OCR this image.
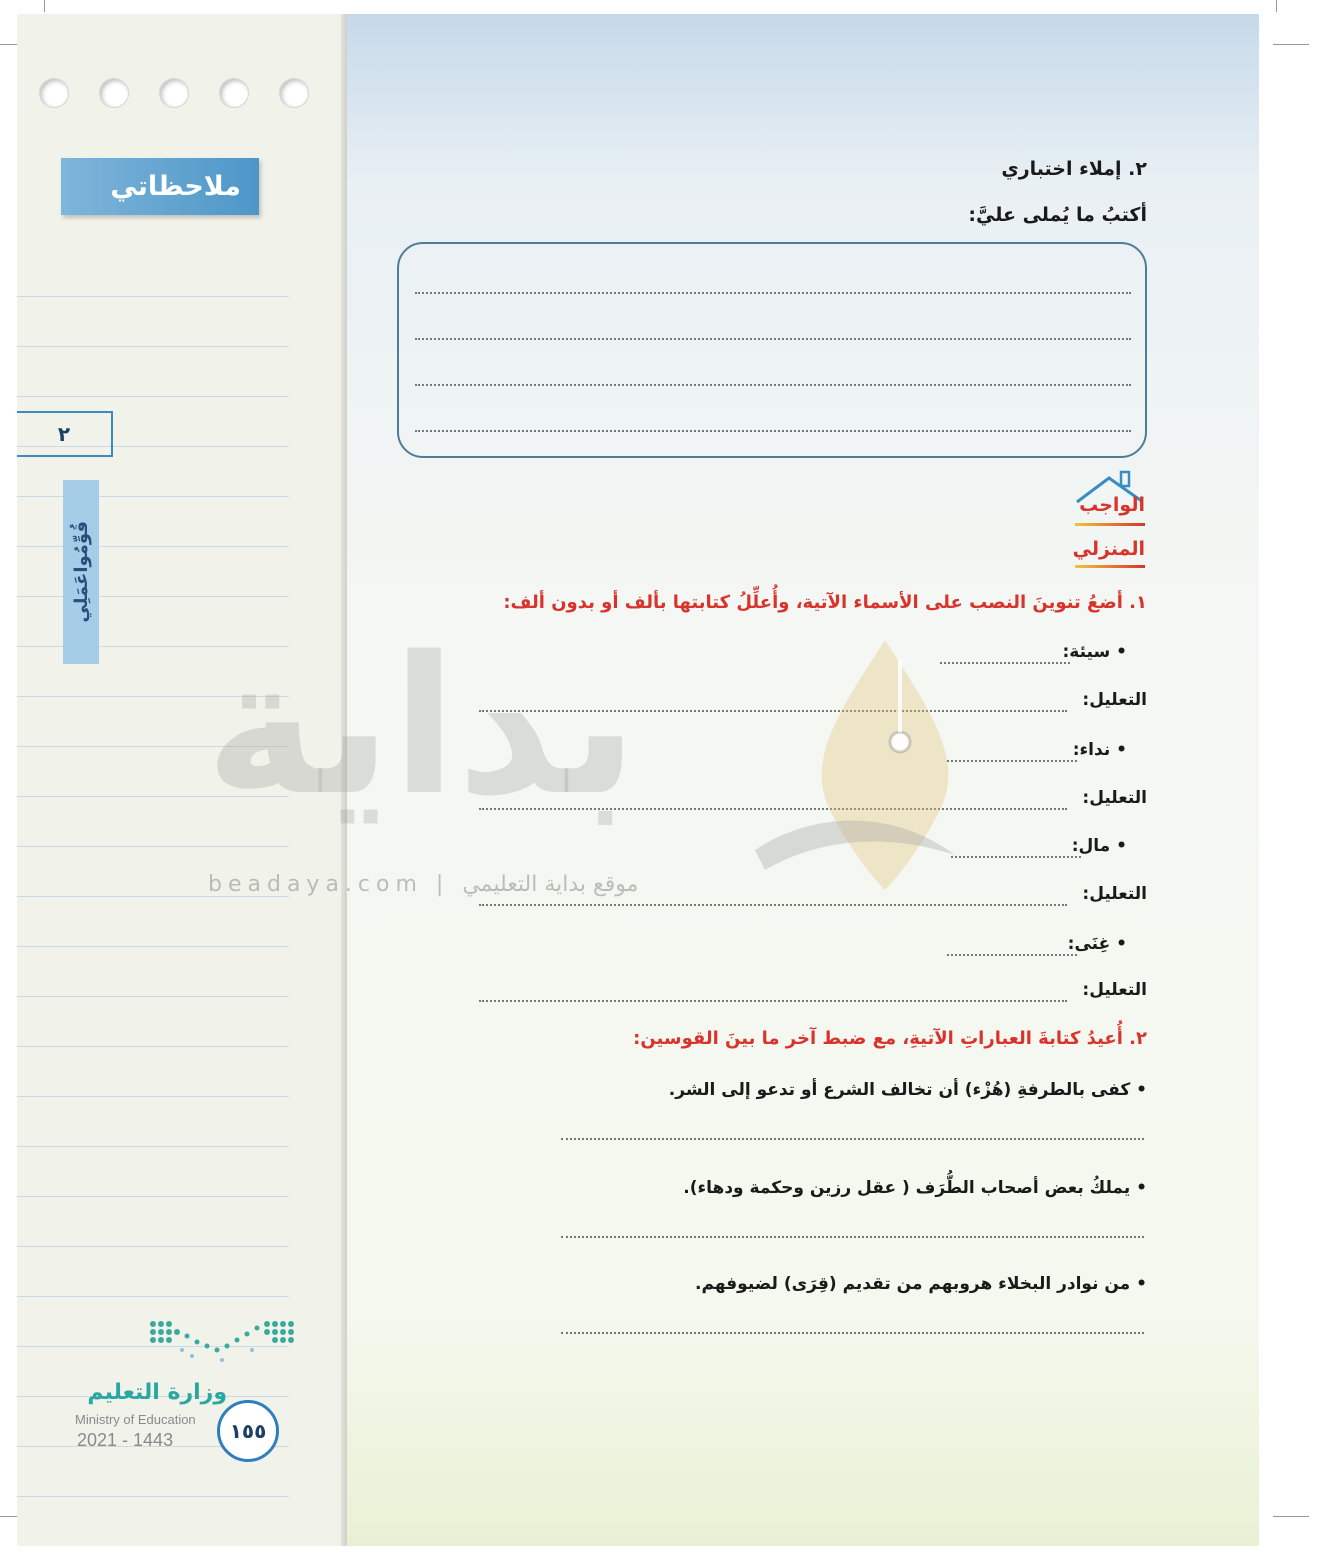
ملاحظاتي
٢
قُوِّمُواعَمَلِي
وزارة التعليم
Ministry of Education
2021 - 1443	١٥٥
٢. إملاء اختباري
أكتبُ ما يُملى عليَّ:
الواجب
المنزلي
١. أضعُ تنوينَ النصب على الأسماء الآتية، وأُعلِّلُ كتابتها بألف أو بدون ألف:
• سيئة:
التعليل:
• نداء:
التعليل:
• مال:
التعليل:
• غِنَى:
التعليل:
٢. أُعيدُ كتابةَ العباراتِ الآتيةِ، مع ضبط آخر ما بينَ القوسين:
• كفى بالطرفةِ (هُزْء) أن تخالف الشرع أو تدعو إلى الشر.
• يملكُ بعض أصحاب الطُّرَف ( عقل رزين وحكمة ودهاء).
• من نوادر البخلاء هروبهم من تقديم (قِرَى) لضيوفهم.
بداية
beadaya.com | موقع بداية التعليمي
